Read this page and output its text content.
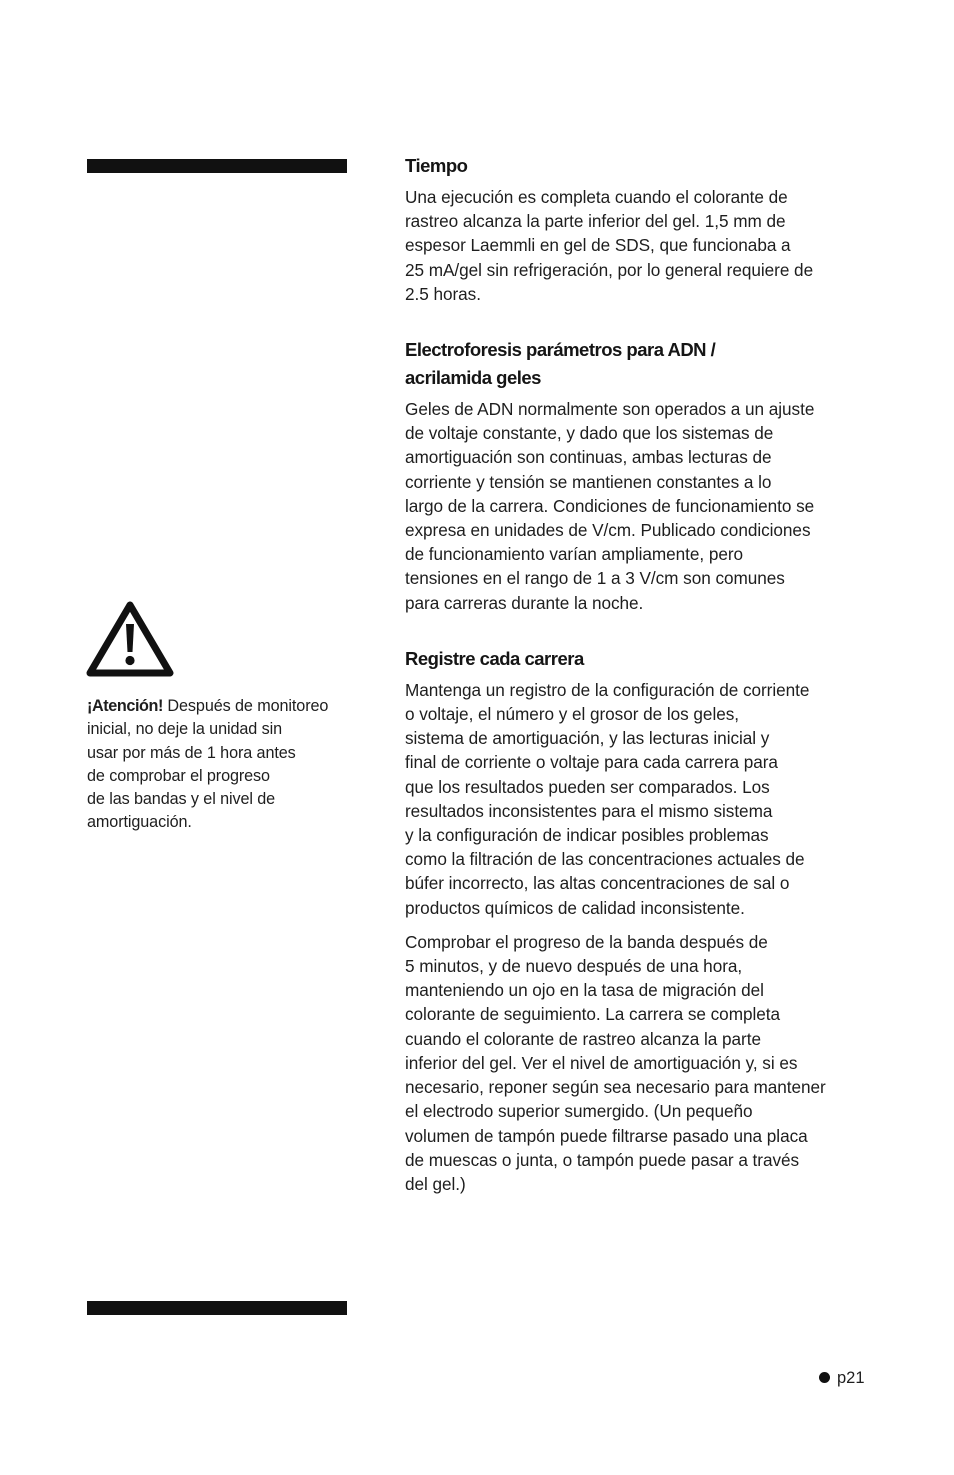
¡Atención! Después de monitoreo
inicial, no deje la unidad sin
usar por más de 1 hora antes
de comprobar el progreso
de las bandas y el nivel de
amortiguación.
Tiempo

Una ejecución es completa cuando el colorante de
rastreo alcanza la parte inferior del gel. 1,5 mm de
espesor Laemmli en gel de SDS, que funcionaba a
25 mA/gel sin refrigeración, por lo general requiere de
2.5 horas.

Electroforesis parámetros para ADN /
acrilamida geles

Geles de ADN normalmente son operados a un ajuste
de voltaje constante, y dado que los sistemas de
amortiguación son continuas, ambas lecturas de
corriente y tensión se mantienen constantes a lo
largo de la carrera. Condiciones de funcionamiento se
expresa en unidades de V/cm. Publicado condiciones
de funcionamiento varían ampliamente, pero
tensiones en el rango de 1 a 3 V/cm son comunes
para carreras durante la noche.

Registre cada carrera

Mantenga un registro de la configuración de corriente
o voltaje, el número y el grosor de los geles,
sistema de amortiguación, y las lecturas inicial y
final de corriente o voltaje para cada carrera para
que los resultados pueden ser comparados. Los
resultados inconsistentes para el mismo sistema
y la configuración de indicar posibles problemas
como la filtración de las concentraciones actuales de
búfer incorrecto, las altas concentraciones de sal o
productos químicos de calidad inconsistente.

Comprobar el progreso de la banda después de
5 minutos, y de nuevo después de una hora,
manteniendo un ojo en la tasa de migración del
colorante de seguimiento. La carrera se completa
cuando el colorante de rastreo alcanza la parte
inferior del gel. Ver el nivel de amortiguación y, si es
necesario, reponer según sea necesario para mantener
el electrodo superior sumergido. (Un pequeño
volumen de tampón puede filtrarse pasado una placa
de muescas o junta, o tampón puede pasar a través
del gel.)

p21
